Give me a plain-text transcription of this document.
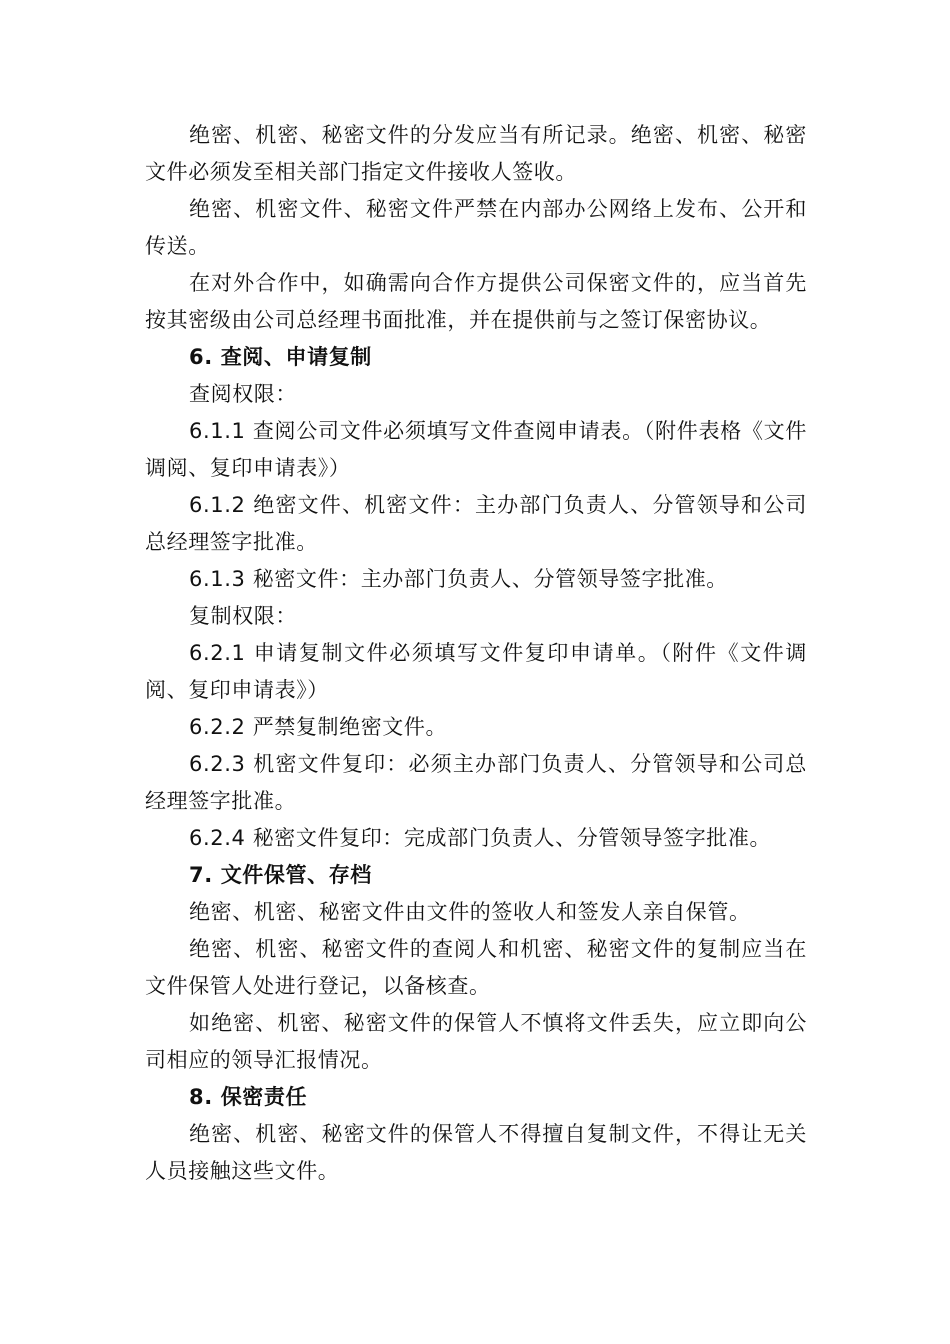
绝密、机密、秘密文件的分发应当有所记录。绝密、机密、秘密文件必须发至相关部门指定文件接收人签收。

绝密、机密文件、秘密文件严禁在内部办公网络上发布、公开和传送。

在对外合作中，如确需向合作方提供公司保密文件的，应当首先按其密级由公司总经理书面批准，并在提供前与之签订保密协议。

6. 查阅、申请复制

查阅权限：

6.1.1 查阅公司文件必须填写文件查阅申请表。（附件表格《文件调阅、复印申请表》）

6.1.2 绝密文件、机密文件：主办部门负责人、分管领导和公司总经理签字批准。

6.1.3 秘密文件：主办部门负责人、分管领导签字批准。

复制权限：

6.2.1 申请复制文件必须填写文件复印申请单。（附件《文件调阅、复印申请表》）

6.2.2 严禁复制绝密文件。

6.2.3 机密文件复印：必须主办部门负责人、分管领导和公司总经理签字批准。

6.2.4 秘密文件复印：完成部门负责人、分管领导签字批准。

7. 文件保管、存档

绝密、机密、秘密文件由文件的签收人和签发人亲自保管。

绝密、机密、秘密文件的查阅人和机密、秘密文件的复制应当在文件保管人处进行登记，以备核查。

如绝密、机密、秘密文件的保管人不慎将文件丢失，应立即向公司相应的领导汇报情况。

8. 保密责任

绝密、机密、秘密文件的保管人不得擅自复制文件，不得让无关人员接触这些文件。
